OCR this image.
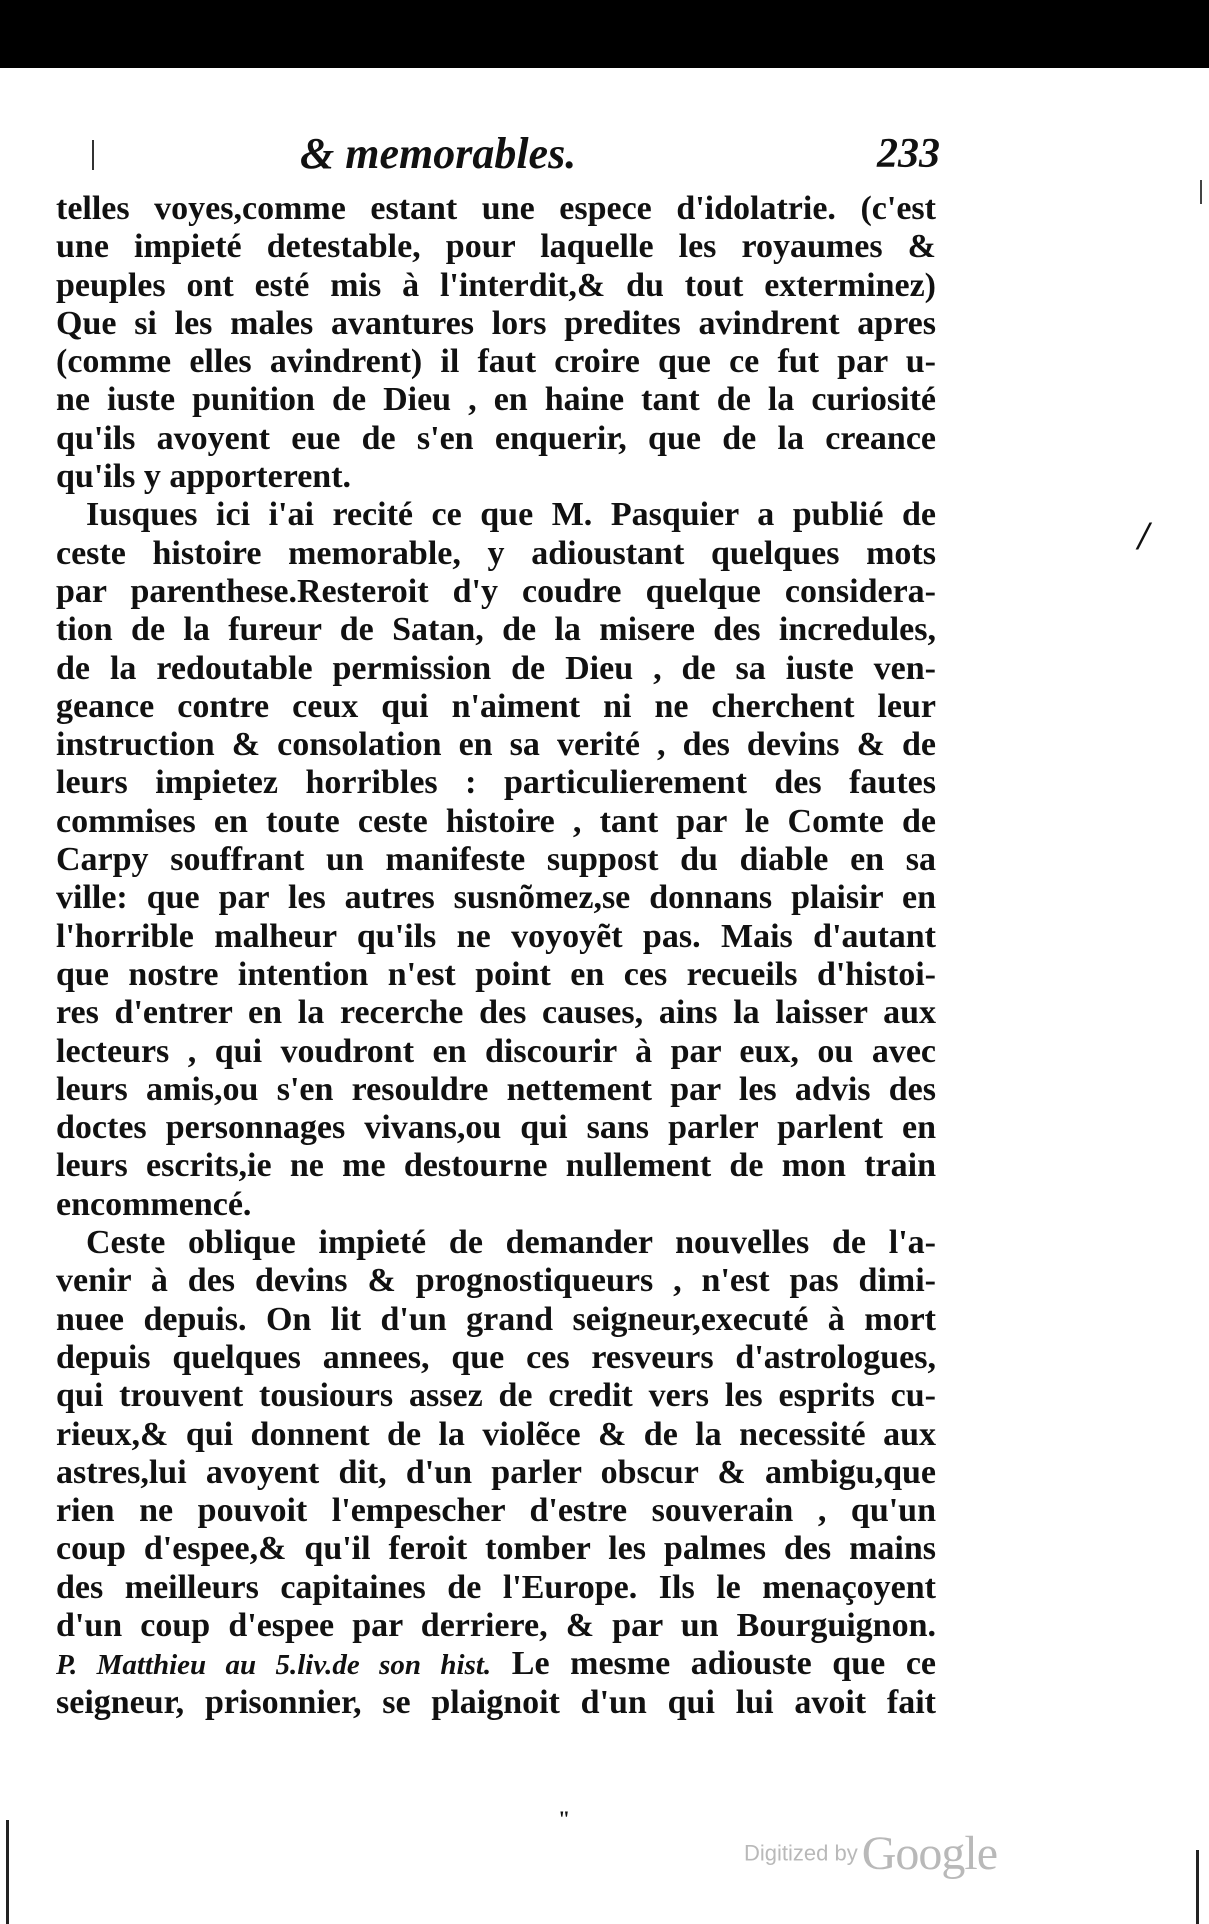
& memorables.	233
telles voyes,comme estant une espece d'idolatrie. (c'est
une impieté detestable, pour laquelle les royaumes &
peuples ont esté mis à l'interdit,& du tout exterminez)
Que si les males avantures lors predites avindrent apres
(comme elles avindrent) il faut croire que ce fut par u-
ne iuste punition de Dieu , en haine tant de la curiosité
qu'ils avoyent eue de s'en enquerir, que de la creance
qu'ils y apporterent.
Iusques ici i'ai recité ce que M. Pasquier a publié de
ceste histoire memorable, y adioustant quelques mots
par parenthese.Resteroit d'y coudre quelque considera-
tion de la fureur de Satan, de la misere des incredules,
de la redoutable permission de Dieu , de sa iuste ven-
geance contre ceux qui n'aiment ni ne cherchent leur
instruction & consolation en sa verité , des devins & de
leurs impietez horribles : particulierement des fautes
commises en toute ceste histoire , tant par le Comte de
Carpy souffrant un manifeste suppost du diable en sa
ville: que par les autres susnõmez,se donnans plaisir en
l'horrible malheur qu'ils ne voyoyẽt pas. Mais d'autant
que nostre intention n'est point en ces recueils d'histoi-
res d'entrer en la recerche des causes, ains la laisser aux
lecteurs , qui voudront en discourir à par eux, ou avec
leurs amis,ou s'en resouldre nettement par les advis des
doctes personnages vivans,ou qui sans parler parlent en
leurs escrits,ie ne me destourne nullement de mon train
encommencé.
Ceste oblique impieté de demander nouvelles de l'a-
venir à des devins & prognostiqueurs , n'est pas dimi-
nuee depuis. On lit d'un grand seigneur,executé à mort
depuis quelques annees, que ces resveurs d'astrologues,
qui trouvent tousiours assez de credit vers les esprits cu-
rieux,& qui donnent de la violẽce & de la necessité aux
astres,lui avoyent dit, d'un parler obscur & ambigu,que
rien ne pouvoit l'empescher d'estre souverain , qu'un
coup d'espee,& qu'il feroit tomber les palmes des mains
des meilleurs capitaines de l'Europe. Ils le menaçoyent
d'un coup d'espee par derriere, & par un Bourguignon.
P. Matthieu au 5.liv.de son hist. Le mesme adiouste que ce
seigneur, prisonnier, se plaignoit d'un qui lui avoit fait
/
"
Digitized by Google
